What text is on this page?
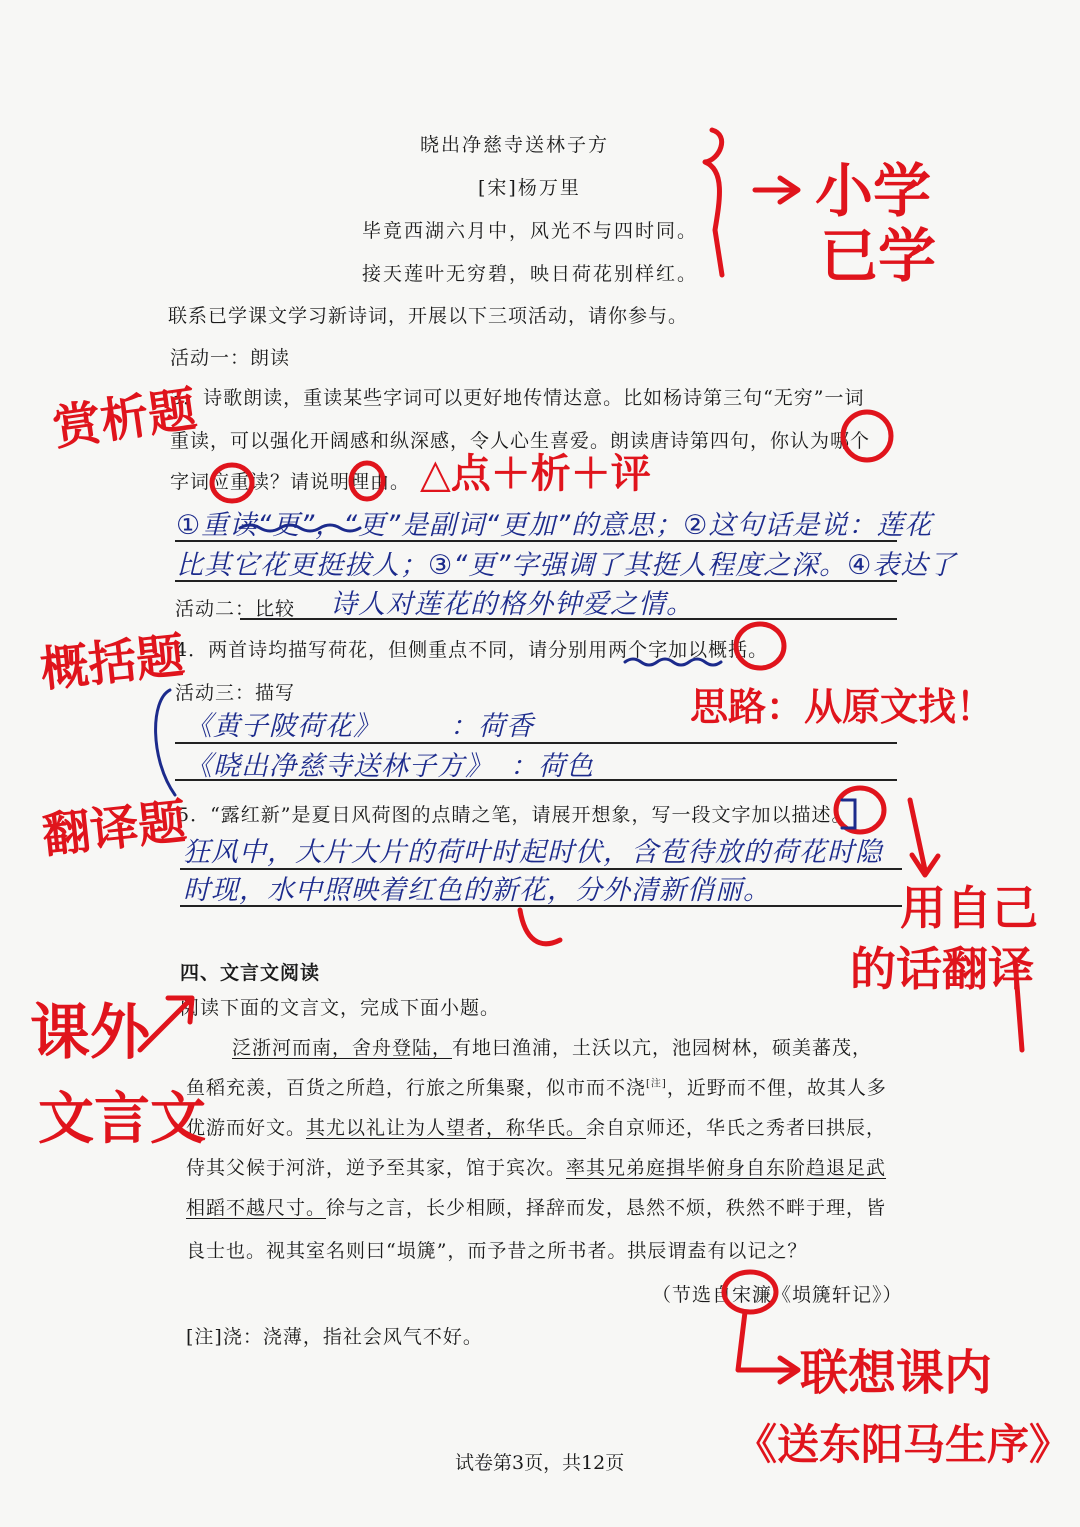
晓出净慈寺送林子方
[宋]杨万里
毕竟西湖六月中，风光不与四时同。
接天莲叶无穷碧，映日荷花别样红。
联系已学课文学习新诗词，开展以下三项活动，请你参与。
活动一：朗读
3．诗歌朗读，重读某些字词可以更好地传情达意。比如杨诗第三句“无穷”一词
重读，可以强化开阔感和纵深感，令人心生喜爱。朗读唐诗第四句，你认为哪个
字词应重读？请说明理由。
①重读“更”，“更”是副词“更加”的意思；②这句话是说：莲花
比其它花更挺拔人；③“更”字强调了其挺人程度之深。④表达了
诗人对莲花的格外钟爱之情。
活动二：比较
4．两首诗均描写荷花，但侧重点不同，请分别用两个字加以概括。
活动三：描写
《黄子陂荷花》	：荷香
《晓出净慈寺送林子方》 ：荷色
5．“露红新”是夏日风荷图的点睛之笔，请展开想象，写一段文字加以描述。
狂风中，大片大片的荷叶时起时伏，含苞待放的荷花时隐
时现，水中照映着红色的新花，分外清新俏丽。
四、文言文阅读
阅读下面的文言文，完成下面小题。
泛浙河而南，舍舟登陆，有地曰渔浦，土沃以亢，池园树林，硕美蕃茂，
鱼稻充羡，百货之所趋，行旅之所集聚，似市而不浇[注]，近野而不俚，故其人多
优游而好文。其尤以礼让为人望者，称华氏。余自京师还，华氏之秀者曰拱辰，
侍其父候于河浒，逆予至其家，馆于宾次。率其兄弟庭揖毕俯身自东阶趋退足武
相蹈不越尺寸。徐与之言，长少相顾，择辞而发，恳然不烦，秩然不畔于理，皆
良士也。视其室名则曰“埙篪”，而予昔之所书者。拱辰谓盍有以记之？
（节选自宋濂《埙篪轩记》）
[注]浇：浇薄，指社会风气不好。
试卷第3页，共12页
小学
已学
赏析题
△点＋析＋评
概括题
思路：从原文找！
翻译题
用自己
的话翻译
课外
文言文
联想课内
《送东阳马生序》
